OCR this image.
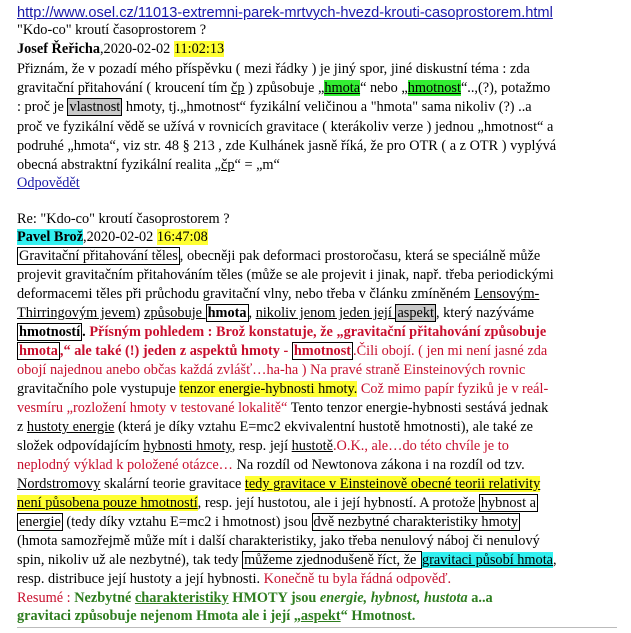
http://www.osel.cz/11013-extremni-parek-mrtvych-hvezd-krouti-casoprostorem.html
"Kdo-co" kroutí časoprostorem ?
Josef Řeřicha,2020-02-02 11:02:13
Přiznám, že v pozadí mého příspěvku ( mezi řádky ) je jiný spor, jiné diskustní téma : zda
gravitační přitahování ( kroucení tím čp ) způsobuje „hmota“ nebo „hmotnost“..,(?), potažmo
: proč je vlastnost hmoty, tj.„hmotnost“ fyzikální veličinou a "hmota" sama nikoliv (?) ..a
proč ve fyzikální vědě se užívá v rovnicích gravitace ( kterákoliv verze ) jednou „hmotnost“ a
podruhé „hmota“, viz str. 48 § 213 , zde Kulhánek jasně říká, že pro OTR ( a z OTR ) vyplývá
obecná abstraktní fyzikální realita „čp“ = „m“
Odpovědět
Re: "Kdo-co" kroutí časoprostorem ?
Pavel Brož,2020-02-02 16:47:08
Gravitační přitahování těles , obecněji pak deformaci prostoročasu, která se speciálně může
projevit gravitačním přitahováním těles (může se ale projevit i jinak, např. třeba periodickými
deformacemi těles při průchodu gravitační vlny, nebo třeba v článku zmíněném Lensovým-
Thirringovým jevem) způsobuje hmota , nikoliv jenom jeden její aspekt , který nazýváme
hmotností . Přísným pohledem : Brož konstatuje, že „gravitační přitahování způsobuje
hmota ,“ ale také (!) jeden z aspektů hmoty - hmotnost .Čili obojí. ( jen mi není jasné zda
obojí najednou anebo občas každá zvlášť…ha-ha ) Na pravé straně Einsteinových rovnic
gravitačního pole vystupuje tenzor energie-hybnosti hmoty. Což mimo papír fyziků je v reál-
vesmíru „rozložení hmoty v testované lokalitě“ Tento tenzor energie-hybnosti sestává jednak
z hustoty energie (která je díky vztahu E=mc2 ekvivalentní hustotě hmotnosti), ale také ze
složek odpovídajícím hybnosti hmoty, resp. její hustotě.O.K., ale…do této chvíle je to
neplodný výklad k položené otázce… Na rozdíl od Newtonova zákona i na rozdíl od tzv.
Nordstromovy skalární teorie gravitace tedy gravitace v Einsteinově obecné teorii relativity
není působena pouze hmotností, resp. její hustotou, ale i její hybností. A protože hybnost a
energie (tedy díky vztahu E=mc2 i hmotnost) jsou dvě nezbytné charakteristiky hmoty
(hmota samozřejmě může mít i další charakteristiky, jako třeba nenulový náboj či nenulový
spin, nikoliv už ale nezbytné), tak tedy můžeme zjednodušeně říct, že gravitaci působí hmota,
resp. distribuce její hustoty a její hybnosti. Konečně tu byla řádná odpověď.
Resumé : Nezbytné charakteristiky HMOTY jsou energie, hybnost, hustota a..a
gravitaci způsobuje nejenom Hmota ale i její „aspekt“ Hmotnost.
